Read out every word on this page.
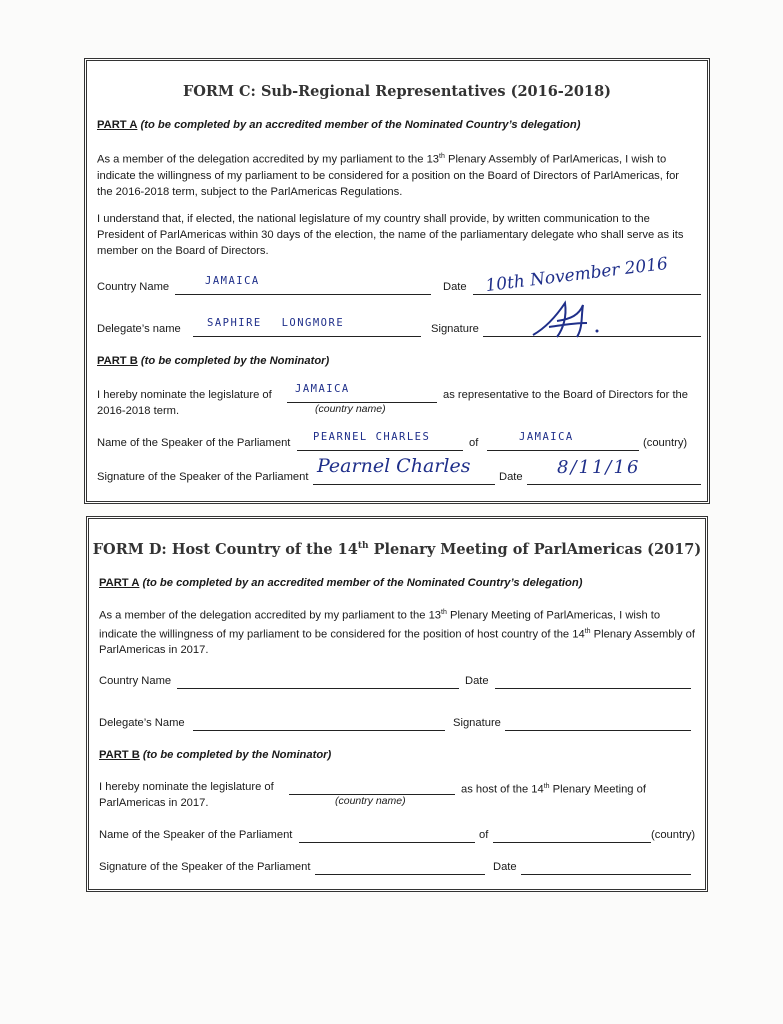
FORM C: Sub-Regional Representatives (2016-2018)
PART A (to be completed by an accredited member of the Nominated Country’s delegation)
As a member of the delegation accredited by my parliament to the 13th Plenary Assembly of ParlAmericas, I wish to indicate the willingness of my parliament to be considered for a position on the Board of Directors of ParlAmericas, for the 2016-2018 term, subject to the ParlAmericas Regulations.
I understand that, if elected, the national legislature of my country shall provide, by written communication to the President of ParlAmericas within 30 days of the election, the name of the parliamentary delegate who shall serve as its member on the Board of Directors.
Country Name	JAMAICA	Date 10th November 2016
Delegate’s name SAPHIRE LONGMORE	Signature
PART B (to be completed by the Nominator)
I hereby nominate the legislature of JAMAICA	as representative to the Board of Directors for the
2016-2018 term.	(country name)
Name of the Speaker of the Parliament PEARNEL CHARLES	of	JAMAICA	(country)
Signature of the Speaker of the Parliament Pearnel Charles	Date 8/11/16
FORM D: Host Country of the 14th Plenary Meeting of ParlAmericas (2017)
PART A (to be completed by an accredited member of the Nominated Country’s delegation)
As a member of the delegation accredited by my parliament to the 13th Plenary Meeting of ParlAmericas, I wish to indicate the willingness of my parliament to be considered for the position of host country of the 14th Plenary Assembly of ParlAmericas in 2017.
Country Name	Date
Delegate’s Name	Signature
PART B (to be completed by the Nominator)
I hereby nominate the legislature of	as host of the 14th Plenary Meeting of
ParlAmericas in 2017.	(country name)
Name of the Speaker of the Parliament	of	(country)
Signature of the Speaker of the Parliament	Date
